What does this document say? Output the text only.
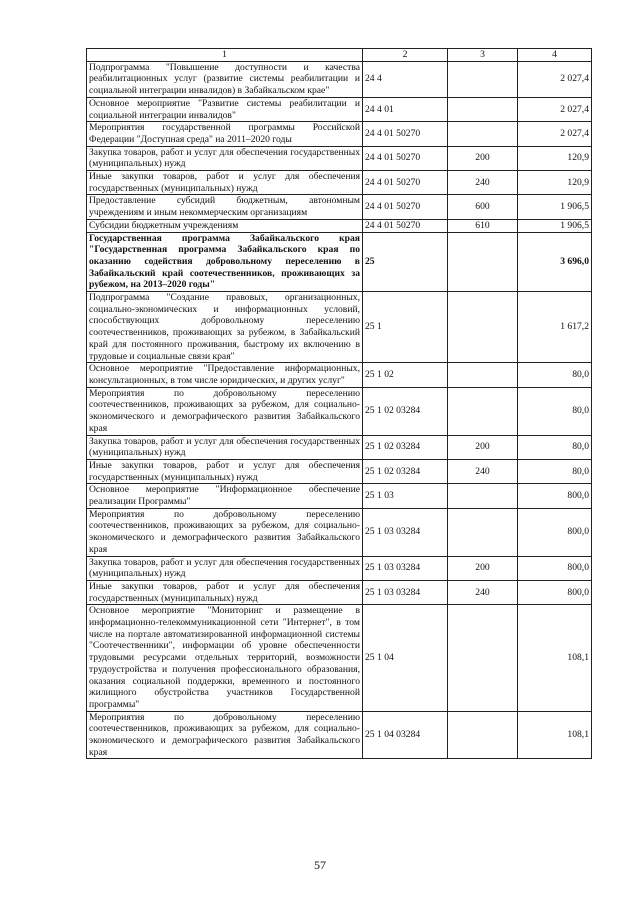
1	2	3	4
Подпрограмма "Повышение доступности и качества реабилитационных услуг (развитие системы реабилитации и социальной интеграции инвалидов) в Забайкальском крае"	24 4		2 027,4
Основное мероприятие "Развитие системы реабилитации и социальной интеграции инвалидов"	24 4 01		2 027,4
Мероприятия государственной программы Российской Федерации "Доступная среда" на 2011–2020 годы	24 4 01 50270		2 027,4
Закупка товаров, работ и услуг для обеспечения государственных (муниципальных) нужд	24 4 01 50270	200	120,9
Иные закупки товаров, работ и услуг для обеспечения государственных (муниципальных) нужд	24 4 01 50270	240	120,9
Предоставление субсидий бюджетным, автономным учреждениям и иным некоммерческим организациям	24 4 01 50270	600	1 906,5
Субсидии бюджетным учреждениям	24 4 01 50270	610	1 906,5
Государственная программа Забайкальского края "Государственная программа Забайкальского края по оказанию содействия добровольному переселению в Забайкальский край соотечественников, проживающих за рубежом, на 2013–2020 годы"	25		3 696,0
Подпрограмма "Создание правовых, организационных, социально-экономических и информационных условий, способствующих добровольному переселению соотечественников, проживающих за рубежом, в Забайкальский край для постоянного проживания, быстрому их включению в трудовые и социальные связи края"	25 1		1 617,2
Основное мероприятие "Предоставление информационных, консультационных, в том числе юридических, и других услуг"	25 1 02		80,0
Мероприятия по добровольному переселению соотечественников, проживающих за рубежом, для социально-экономического и демографического развития Забайкальского края	25 1 02 03284		80,0
Закупка товаров, работ и услуг для обеспечения государственных (муниципальных) нужд	25 1 02 03284	200	80,0
Иные закупки товаров, работ и услуг для обеспечения государственных (муниципальных) нужд	25 1 02 03284	240	80,0
Основное мероприятие "Информационное обеспечение реализации Программы"	25 1 03		800,0
Мероприятия по добровольному переселению соотечественников, проживающих за рубежом, для социально-экономического и демографического развития Забайкальского края	25 1 03 03284		800,0
Закупка товаров, работ и услуг для обеспечения государственных (муниципальных) нужд	25 1 03 03284	200	800,0
Иные закупки товаров, работ и услуг для обеспечения государственных (муниципальных) нужд	25 1 03 03284	240	800,0
Основное мероприятие "Мониторинг и размещение в информационно-телекоммуникационной сети "Интернет", в том числе на портале автоматизированной информационной системы "Соотечественники", информации об уровне обеспеченности трудовыми ресурсами отдельных территорий, возможности трудоустройства и получения профессионального образования, оказания социальной поддержки, временного и постоянного жилищного обустройства участников Государственной программы"	25 1 04		108,1
Мероприятия по добровольному переселению соотечественников, проживающих за рубежом, для социально-экономического и демографического развития Забайкальского края	25 1 04 03284		108,1
57
